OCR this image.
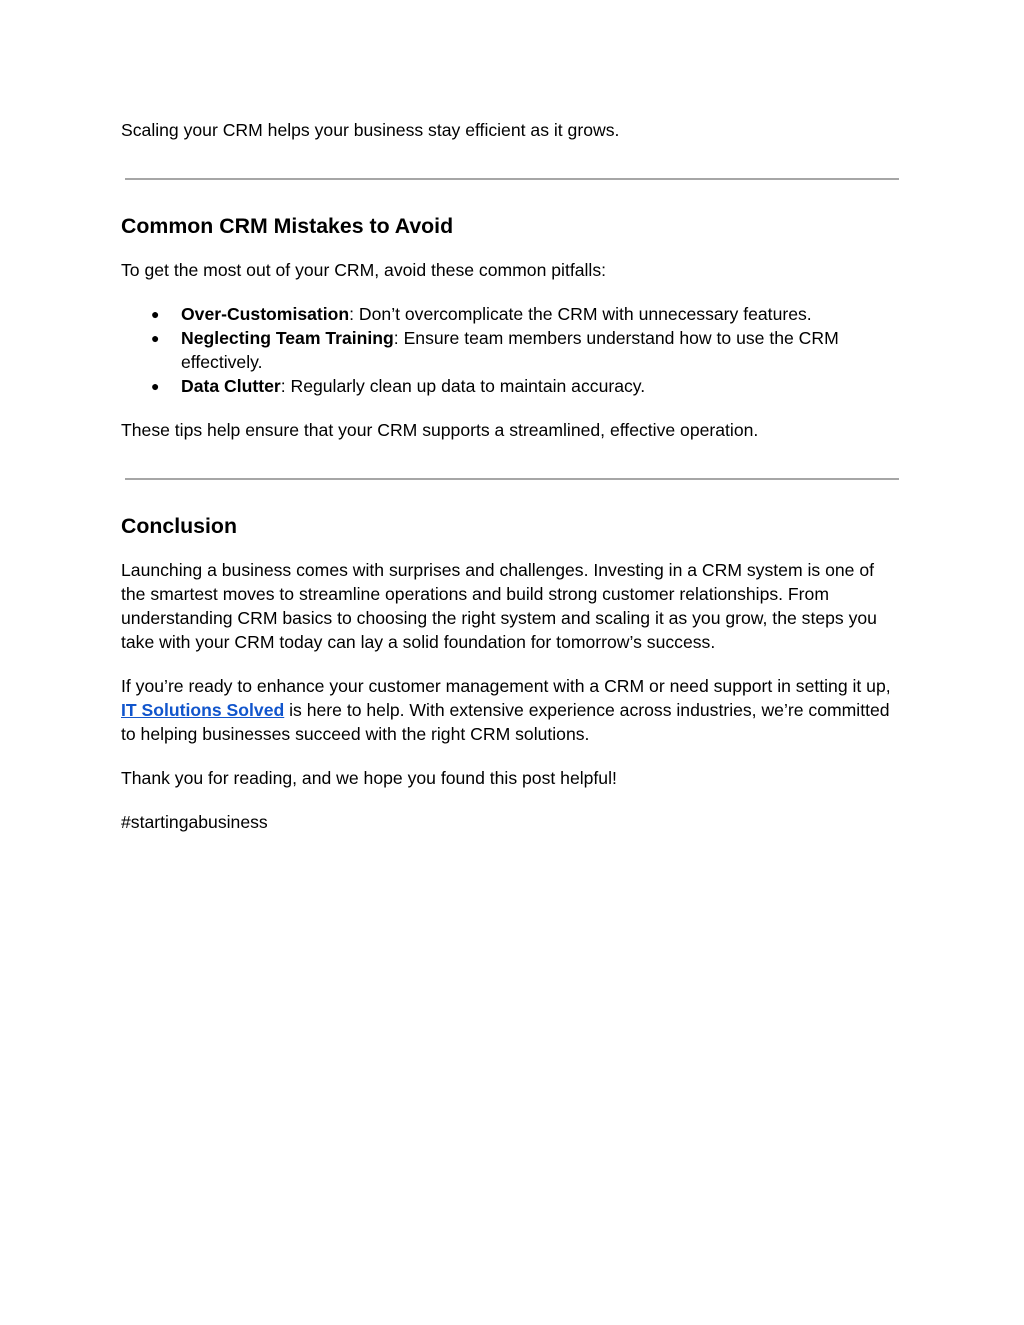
Scaling your CRM helps your business stay efficient as it grows.

Common CRM Mistakes to Avoid

To get the most out of your CRM, avoid these common pitfalls:

● Over-Customisation: Don’t overcomplicate the CRM with unnecessary features.
● Neglecting Team Training: Ensure team members understand how to use the CRM effectively.
● Data Clutter: Regularly clean up data to maintain accuracy.

These tips help ensure that your CRM supports a streamlined, effective operation.

Conclusion

Launching a business comes with surprises and challenges. Investing in a CRM system is one of the smartest moves to streamline operations and build strong customer relationships. From understanding CRM basics to choosing the right system and scaling it as you grow, the steps you take with your CRM today can lay a solid foundation for tomorrow’s success.

If you’re ready to enhance your customer management with a CRM or need support in setting it up, IT Solutions Solved is here to help. With extensive experience across industries, we’re committed to helping businesses succeed with the right CRM solutions.

Thank you for reading, and we hope you found this post helpful!

#startingabusiness
